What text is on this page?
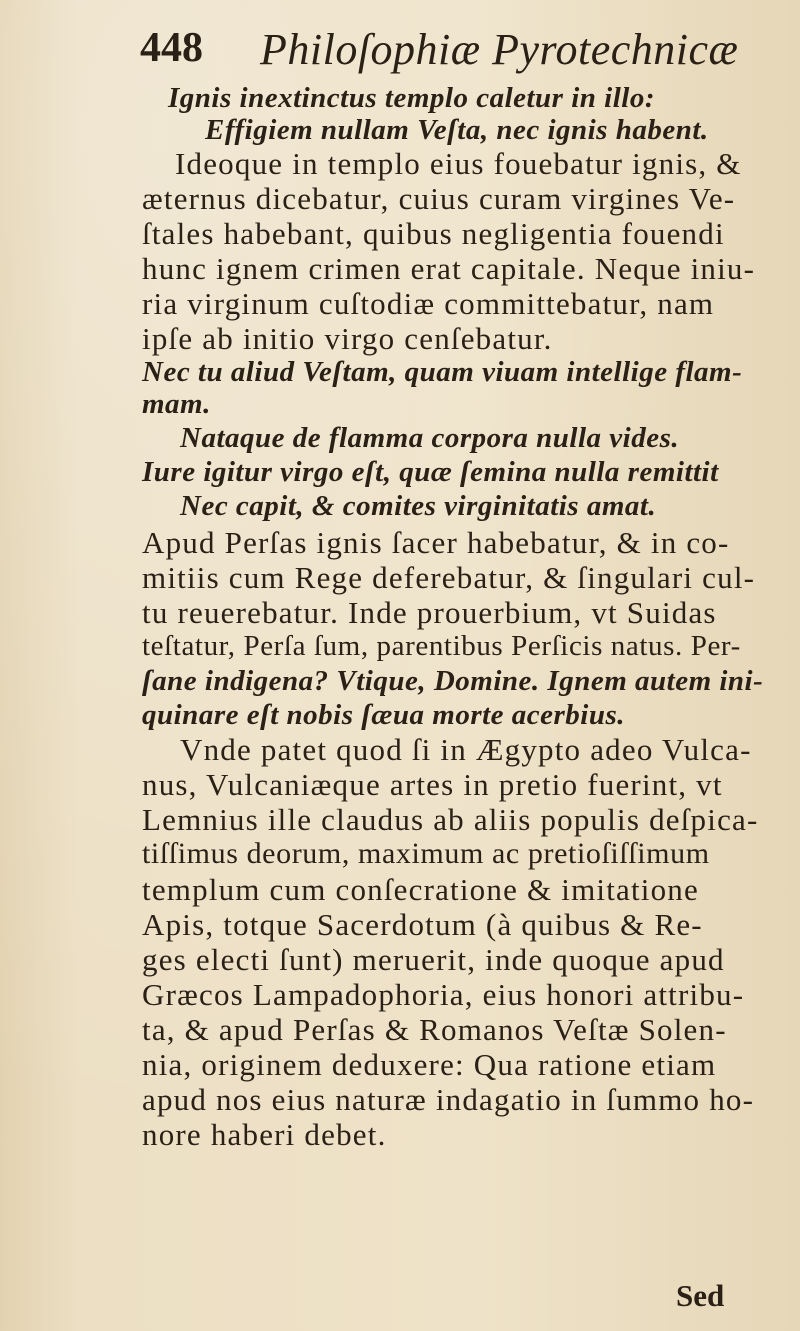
448 Philoſophiæ Pyrotechnicæ
Ignis inextinctus templo caletur in illo:
Effigiem nullam Veſta, nec ignis habent.
Ideoque in templo eius fouebatur ignis, &
æternus dicebatur, cuius curam virgines Ve-
ſtales habebant, quibus negligentia fouendi
hunc ignem crimen erat capitale. Neque iniu-
ria virginum cuſtodiæ committebatur, nam
ipſe ab initio virgo cenſebatur.
Nec tu aliud Veſtam, quam viuam intellige flam-
mam.
Nataque de flamma corpora nulla vides.
Iure igitur virgo eſt, quæ ſemina nulla remittit
Nec capit, & comites virginitatis amat.
Apud Perſas ignis ſacer habebatur, & in co-
mitiis cum Rege deferebatur, & ſingulari cul-
tu reuerebatur. Inde prouerbium, vt Suidas
teſtatur, Perſa ſum, parentibus Perſicis natus. Per-
ſane indigena? Vtique, Domine. Ignem autem ini-
quinare eſt nobis ſæua morte acerbius.
Vnde patet quod ſi in Ægypto adeo Vulca-
nus, Vulcaniæque artes in pretio fuerint, vt
Lemnius ille claudus ab aliis populis deſpica-
tiſſimus deorum, maximum ac pretioſiſſimum
templum cum conſecratione & imitatione
Apis, totque Sacerdotum (à quibus & Re-
ges electi ſunt) meruerit, inde quoque apud
Græcos Lampadophoria, eius honori attribu-
ta, & apud Perſas & Romanos Veſtæ Solen-
nia, originem deduxere: Qua ratione etiam
apud nos eius naturæ indagatio in ſummo ho-
nore haberi debet.
Sed
